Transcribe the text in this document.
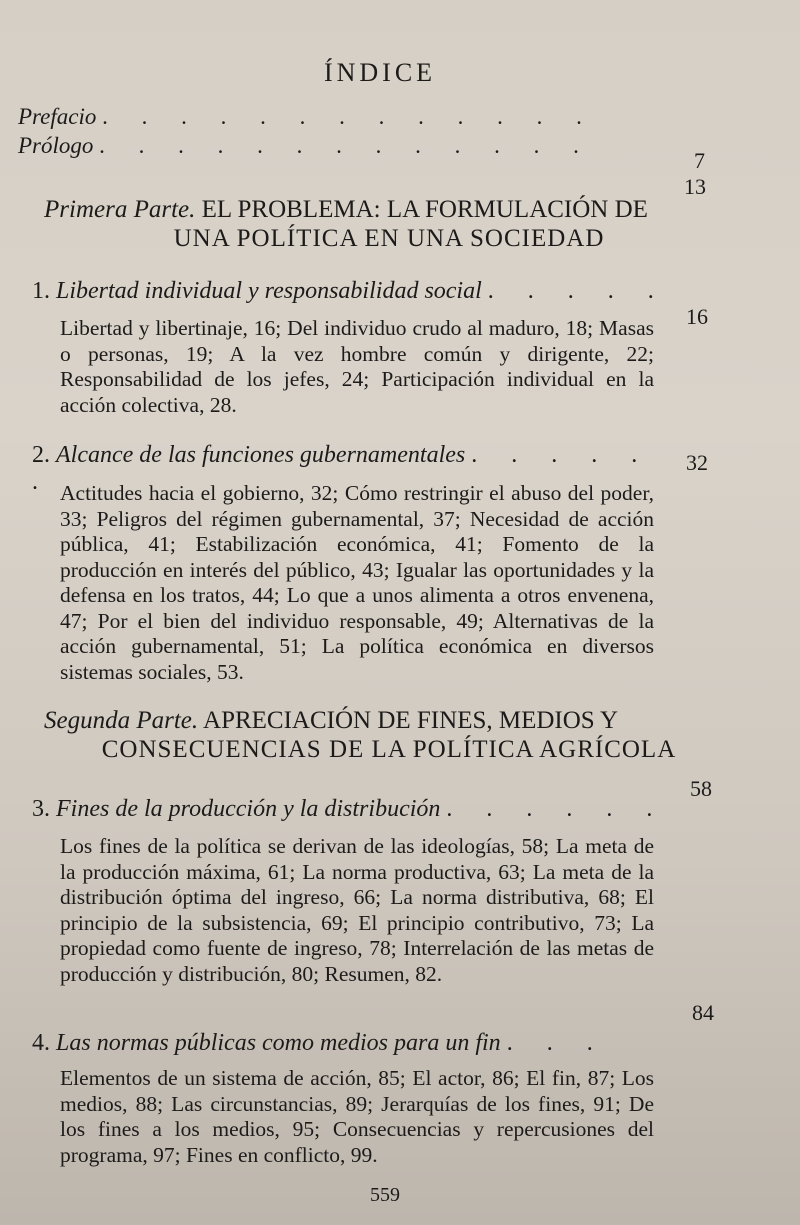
ÍNDICE
Prefacio . . . . . . . . . . . . .
7
Prólogo . . . . . . . . . . . . .
13
Primera Parte. EL PROBLEMA: LA FORMULACIÓN DE
UNA POLÍTICA EN UNA SOCIEDAD
1. Libertad individual y responsabilidad social . . . . .
16
Libertad y libertinaje, 16; Del individuo crudo al maduro, 18; Masas o personas, 19; A la vez hombre común y dirigente, 22; Responsabilidad de los jefes, 24; Participación individual en la acción colectiva, 28.
2. Alcance de las funciones gubernamentales . . . . . .
32
Actitudes hacia el gobierno, 32; Cómo restringir el abuso del poder, 33; Peligros del régimen gubernamental, 37; Necesidad de acción pública, 41; Estabilización económica, 41; Fomento de la producción en interés del público, 43; Igualar las oportunidades y la defensa en los tratos, 44; Lo que a unos alimenta a otros envenena, 47; Por el bien del individuo responsable, 49; Alternativas de la acción gubernamental, 51; La política económica en diversos sistemas sociales, 53.
Segunda Parte. APRECIACIÓN DE FINES, MEDIOS Y
CONSECUENCIAS DE LA POLÍTICA AGRÍCOLA
58
3. Fines de la producción y la distribución . . . . . .
Los fines de la política se derivan de las ideologías, 58; La meta de la producción máxima, 61; La norma productiva, 63; La meta de la distribución óptima del ingreso, 66; La norma distributiva, 68; El principio de la subsistencia, 69; El principio contributivo, 73; La propiedad como fuente de ingreso, 78; Interrelación de las metas de producción y distribución, 80; Resumen, 82.
84
4. Las normas públicas como medios para un fin . . .
Elementos de un sistema de acción, 85; El actor, 86; El fin, 87; Los medios, 88; Las circunstancias, 89; Jerarquías de los fines, 91; De los fines a los medios, 95; Consecuencias y repercusiones del programa, 97; Fines en conflicto, 99.
559
